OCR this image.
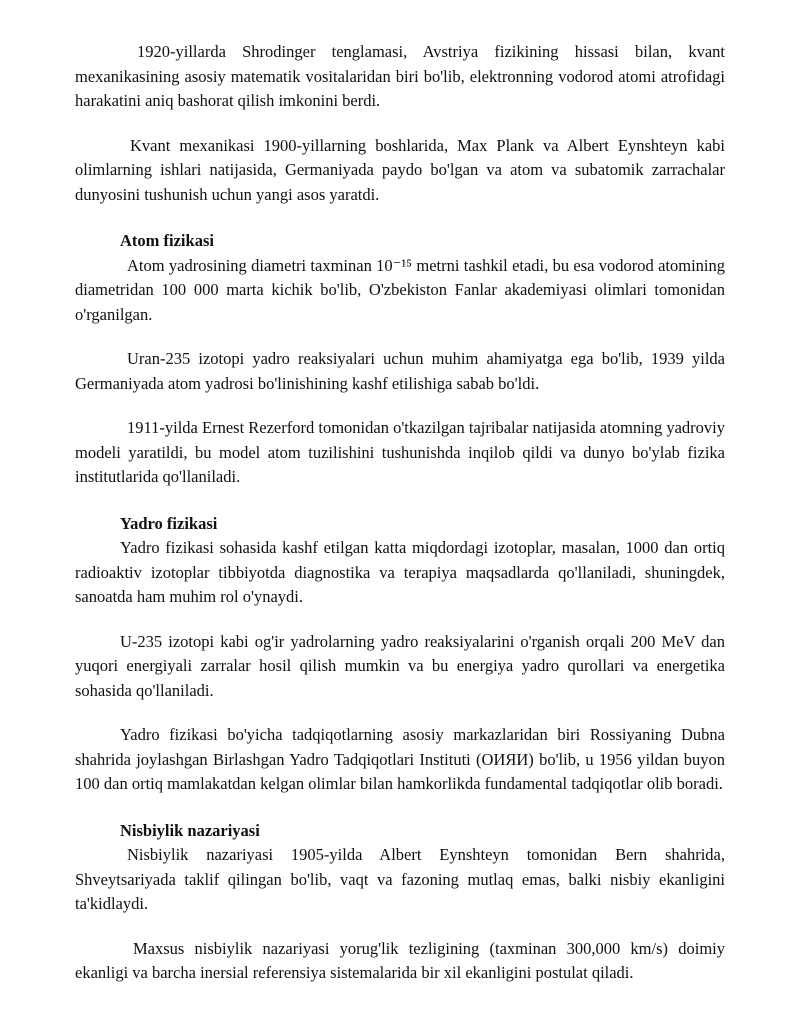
1920-yillarda Shrodinger tenglamasi, Avstriya fizikining hissasi bilan, kvant mexanikasining asosiy matematik vositalaridan biri bo'lib, elektronning vodorod atomi atrofidagi harakatini aniq bashorat qilish imkonini berdi.

Kvant mexanikasi 1900-yillarning boshlarida, Max Plank va Albert Eynshteyn kabi olimlarning ishlari natijasida, Germaniyada paydo bo'lgan va atom va subatomik zarrachalar dunyosini tushunish uchun yangi asos yaratdi.

Atom fizikasi

Atom yadrosining diametri taxminan 10⁻¹⁵ metrni tashkil etadi, bu esa vodorod atomining diametridan 100 000 marta kichik bo'lib, O'zbekiston Fanlar akademiyasi olimlari tomonidan o'rganilgan.

Uran-235 izotopi yadro reaksiyalari uchun muhim ahamiyatga ega bo'lib, 1939 yilda Germaniyada atom yadrosi bo'linishining kashf etilishiga sabab bo'ldi.

1911-yilda Ernest Rezerford tomonidan o'tkazilgan tajribalar natijasida atomning yadroviy modeli yaratildi, bu model atom tuzilishini tushunishda inqilob qildi va dunyo bo'ylab fizika institutlarida qo'llaniladi.

Yadro fizikasi

Yadro fizikasi sohasida kashf etilgan katta miqdordagi izotoplar, masalan, 1000 dan ortiq radioaktiv izotoplar tibbiyotda diagnostika va terapiya maqsadlarda qo'llaniladi, shuningdek, sanoatda ham muhim rol o'ynaydi.

U-235 izotopi kabi og'ir yadrolarning yadro reaksiyalarini o'rganish orqali 200 MeV dan yuqori energiyali zarralar hosil qilish mumkin va bu energiya yadro qurollari va energetika sohasida qo'llaniladi.

Yadro fizikasi bo'yicha tadqiqotlarning asosiy markazlaridan biri Rossiyaning Dubna shahrida joylashgan Birlashgan Yadro Tadqiqotlari Instituti (ОИЯИ) bo'lib, u 1956 yildan buyon 100 dan ortiq mamlakatdan kelgan olimlar bilan hamkorlikda fundamental tadqiqotlar olib boradi.

Nisbiylik nazariyasi

Nisbiylik nazariyasi 1905-yilda Albert Eynshteyn tomonidan Bern shahrida, Shveytsariyada taklif qilingan bo'lib, vaqt va fazoning mutlaq emas, balki nisbiy ekanligini ta'kidlaydi.

Maxsus nisbiylik nazariyasi yorug'lik tezligining (taxminan 300,000 km/s) doimiy ekanligi va barcha inersial referensiya sistemalarida bir xil ekanligini postulat qiladi.
